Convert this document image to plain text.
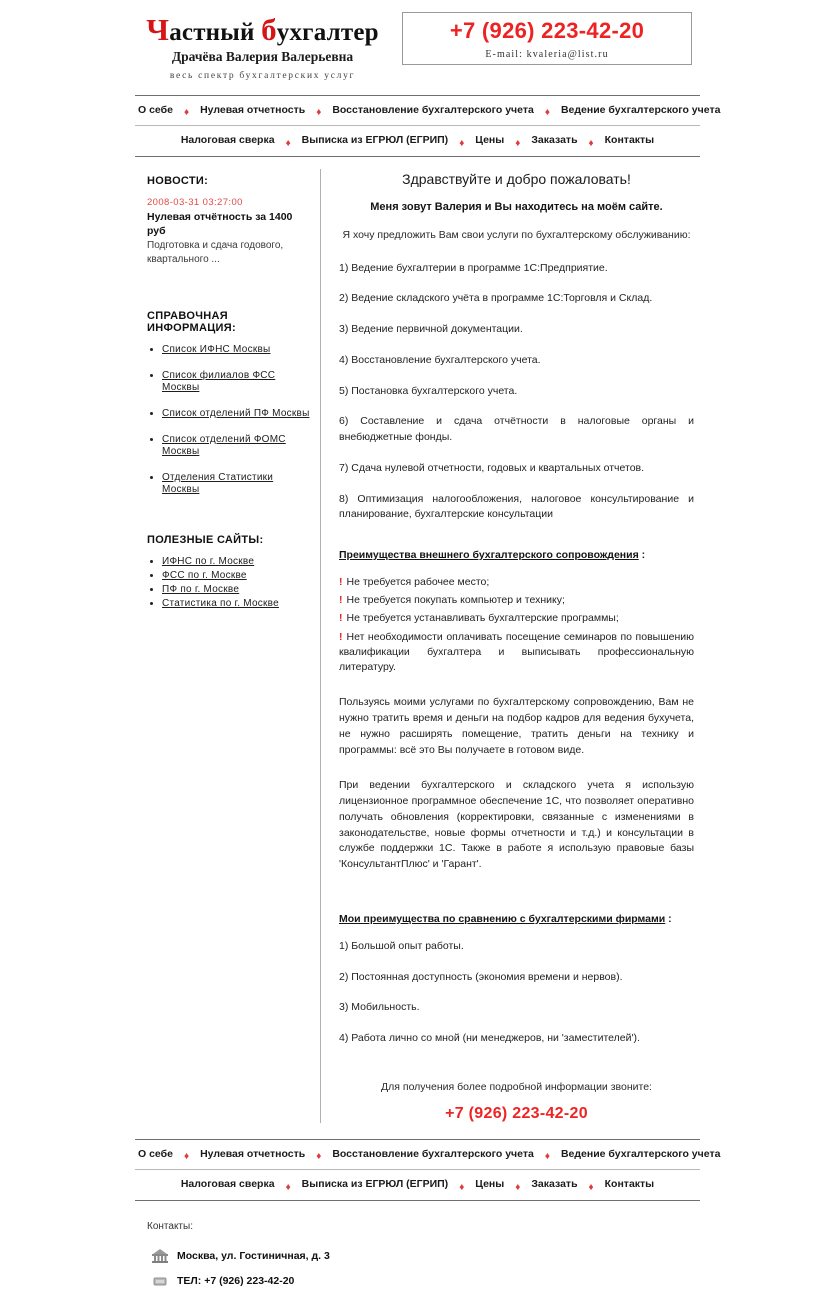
Частный бухгалтер
Драчёва Валерия Валерьевна
весь спектр бухгалтерских услуг
+7 (926) 223-42-20
E-mail: kvaleria@list.ru
О себе ♦ Нулевая отчетность ♦ Восстановление бухгалтерского учета ♦ Ведение бухгалтерского учета
Налоговая сверка ♦ Выписка из ЕГРЮЛ (ЕГРИП) ♦ Цены ♦ Заказать ♦ Контакты
НОВОСТИ:
2008-03-31 03:27:00
Нулевая отчётность за 1400 руб
Подготовка и сдача годового, квартального ...
СПРАВОЧНАЯ ИНФОРМАЦИЯ:
• Список ИФНС Москвы
• Список филиалов ФСС Москвы
• Список отделений ПФ Москвы
• Список отделений ФОМС Москвы
• Отделения Статистики Москвы
ПОЛЕЗНЫЕ САЙТЫ:
• ИФНС по г. Москве
• ФСС по г. Москве
• ПФ по г. Москве
• Статистика по г. Москве
Здравствуйте и добро пожаловать!
Меня зовут Валерия и Вы находитесь на моём сайте.
Я хочу предложить Вам свои услуги по бухгалтерскому обслуживанию:
1) Ведение бухгалтерии в программе 1С:Предприятие.
2) Ведение складского учёта в программе 1С:Торговля и Склад.
3) Ведение первичной документации.
4) Восстановление бухгалтерского учета.
5) Постановка бухгалтерского учета.
6) Составление и сдача отчётности в налоговые органы и внебюджетные фонды.
7) Сдача нулевой отчетности, годовых и квартальных отчетов.
8) Оптимизация налогообложения, налоговое консультирование и планирование, бухгалтерские консультации
Преимущества внешнего бухгалтерского сопровождения :
! Не требуется рабочее место;
! Не требуется покупать компьютер и технику;
! Не требуется устанавливать бухгалтерские программы;
! Нет необходимости оплачивать посещение семинаров по повышению квалификации бухгалтера и выписывать профессиональную литературу.
Пользуясь моими услугами по бухгалтерскому сопровождению, Вам не нужно тратить время и деньги на подбор кадров для ведения бухучета, не нужно расширять помещение, тратить деньги на технику и программы: всё это Вы получаете в готовом виде.
При ведении бухгалтерского и складского учета я использую лицензионное программное обеспечение 1С, что позволяет оперативно получать обновления (корректировки, связанные с изменениями в законодательстве, новые формы отчетности и т.д.) и консультации в службе поддержки 1С. Также в работе я использую правовые базы 'КонсультантПлюс' и 'Гарант'.
Мои преимущества по сравнению с бухгалтерскими фирмами :
1) Большой опыт работы.
2) Постоянная доступность (экономия времени и нервов).
3) Мобильность.
4) Работа лично со мной (ни менеджеров, ни 'заместителей').
Для получения более подробной информации звоните:
+7 (926) 223-42-20
О себе ♦ Нулевая отчетность ♦ Восстановление бухгалтерского учета ♦ Ведение бухгалтерского учета
Налоговая сверка ♦ Выписка из ЕГРЮЛ (ЕГРИП) ♦ Цены ♦ Заказать ♦ Контакты
Контакты:
Москва, ул. Гостиничная, д. 3
ТЕЛ: +7 (926) 223-42-20
